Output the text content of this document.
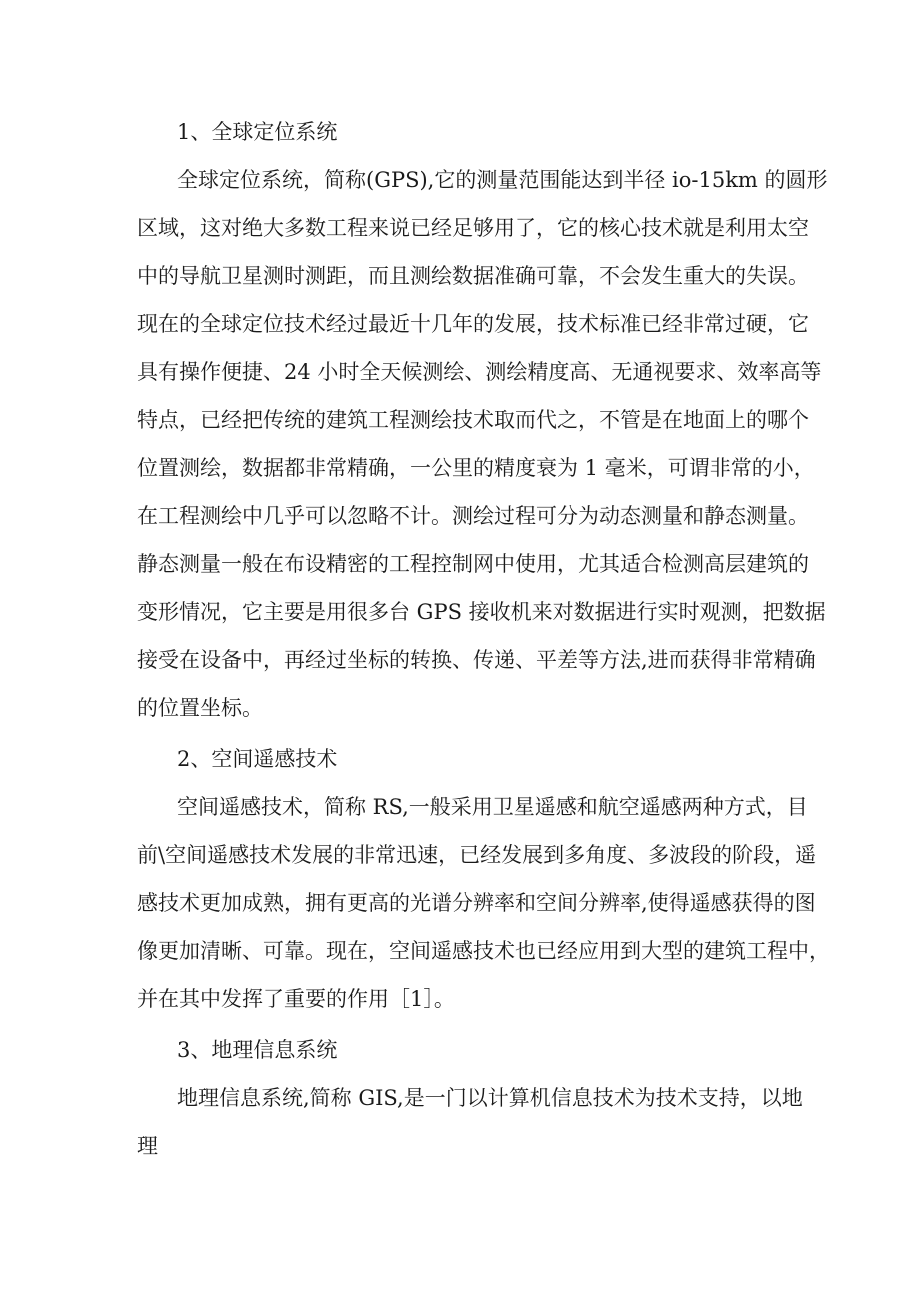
1、全球定位系统
全球定位系统，简称(GPS),它的测量范围能达到半径 io-15km 的圆形
区域，这对绝大多数工程来说已经足够用了，它的核心技术就是利用太空
中的导航卫星测时测距，而且测绘数据准确可靠，不会发生重大的失误。
现在的全球定位技术经过最近十几年的发展，技术标准已经非常过硬，它
具有操作便捷、24 小时全天候测绘、测绘精度高、无通视要求、效率高等
特点，已经把传统的建筑工程测绘技术取而代之，不管是在地面上的哪个
位置测绘，数据都非常精确，一公里的精度衰为 1 毫米，可谓非常的小，
在工程测绘中几乎可以忽略不计。测绘过程可分为动态测量和静态测量。
静态测量一般在布设精密的工程控制网中使用，尤其适合检测高层建筑的
变形情况，它主要是用很多台 GPS 接收机来对数据进行实时观测，把数据
接受在设备中，再经过坐标的转换、传递、平差等方法,进而获得非常精确
的位置坐标。
2、空间遥感技术
空间遥感技术，简称 RS,一般采用卫星遥感和航空遥感两种方式，目
前\空间遥感技术发展的非常迅速，已经发展到多角度、多波段的阶段，遥
感技术更加成熟，拥有更高的光谱分辨率和空间分辨率,使得遥感获得的图
像更加清晰、可靠。现在，空间遥感技术也已经应用到大型的建筑工程中，
并在其中发挥了重要的作用［1］。
3、地理信息系统
地理信息系统,简称 GIS,是一门以计算机信息技术为技术支持，以地
理
